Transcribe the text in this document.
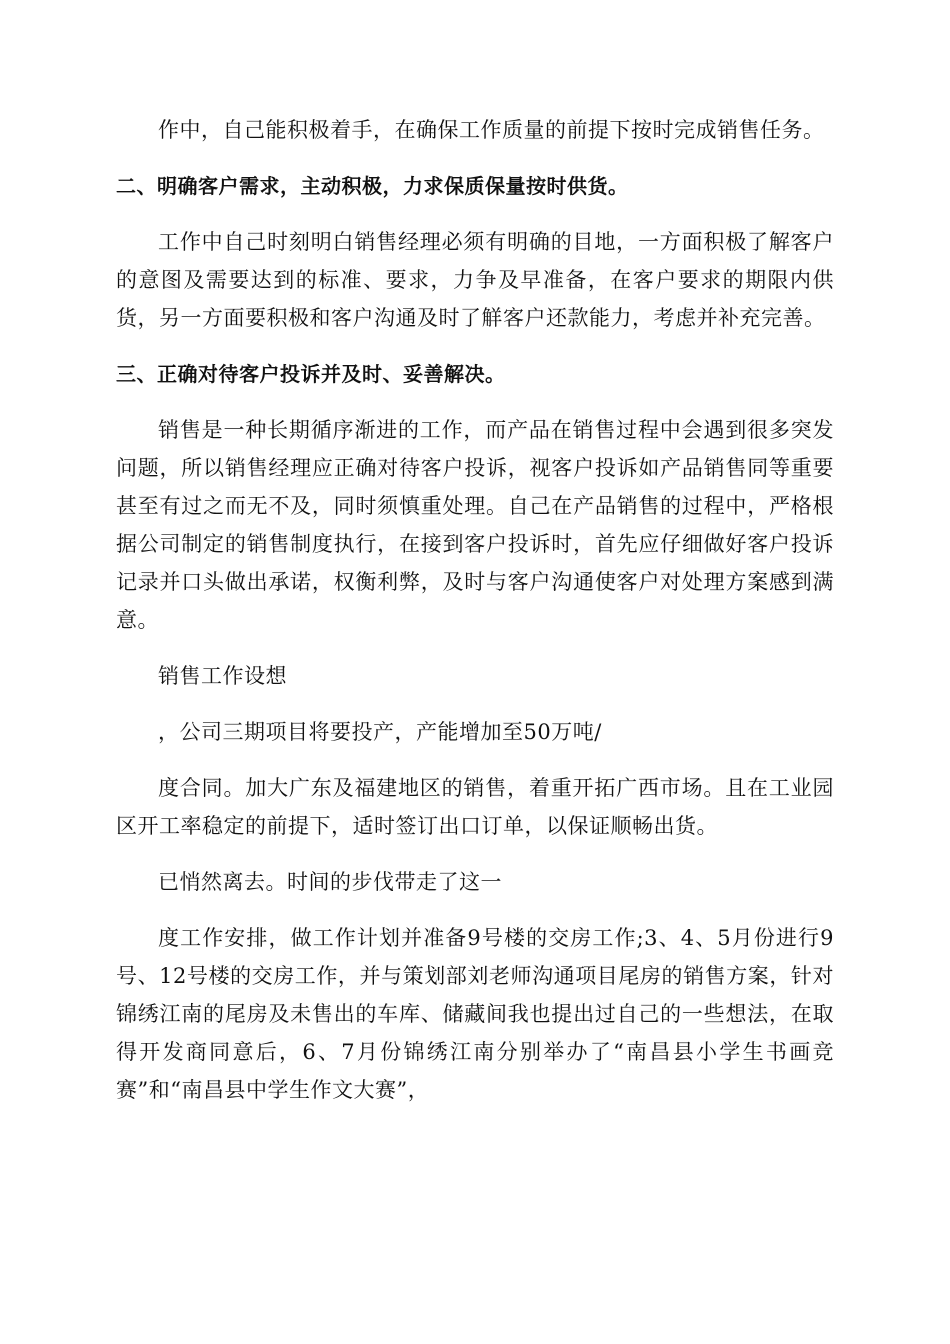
作中，自己能积极着手，在确保工作质量的前提下按时完成销售任务。

二、明确客户需求，主动积极，力求保质保量按时供货。

工作中自己时刻明白销售经理必须有明确的目地，一方面积极了解客户的意图及需要达到的标准、要求，力争及早准备，在客户要求的期限内供货，另一方面要积极和客户沟通及时了觧客户还款能力，考虑并补充完善。

三、正确对待客户投诉并及时、妥善解决。

销售是一种长期循序渐进的工作，而产品在销售过程中会遇到很多突发问题，所以销售经理应正确对待客户投诉，视客户投诉如产品销售同等重要甚至有过之而无不及，同时须慎重处理。自己在产品销售的过程中，严格根据公司制定的销售制度执行，在接到客户投诉时，首先应仔细做好客户投诉记录并口头做出承诺，权衡利弊，及时与客户沟通使客户对处理方案感到满意。

销售工作设想

，公司三期项目将要投产，产能增加至50万吨/

度合同。加大广东及福建地区的销售，着重开拓广西市场。且在工业园区开工率稳定的前提下，适时签订出口订单，以保证顺畅出货。

已悄然离去。时间的步伐带走了这一

度工作安排，做工作计划并准备9号楼的交房工作;3、4、5月份进行9号、12号楼的交房工作，并与策划部刘老师沟通项目尾房的销售方案，针对锦绣江南的尾房及未售出的车库、储藏间我也提出过自己的一些想法，在取得开发商同意后，6、7月份锦绣江南分别举办了“南昌县小学生书画竞赛”和“南昌县中学生作文大赛”，
